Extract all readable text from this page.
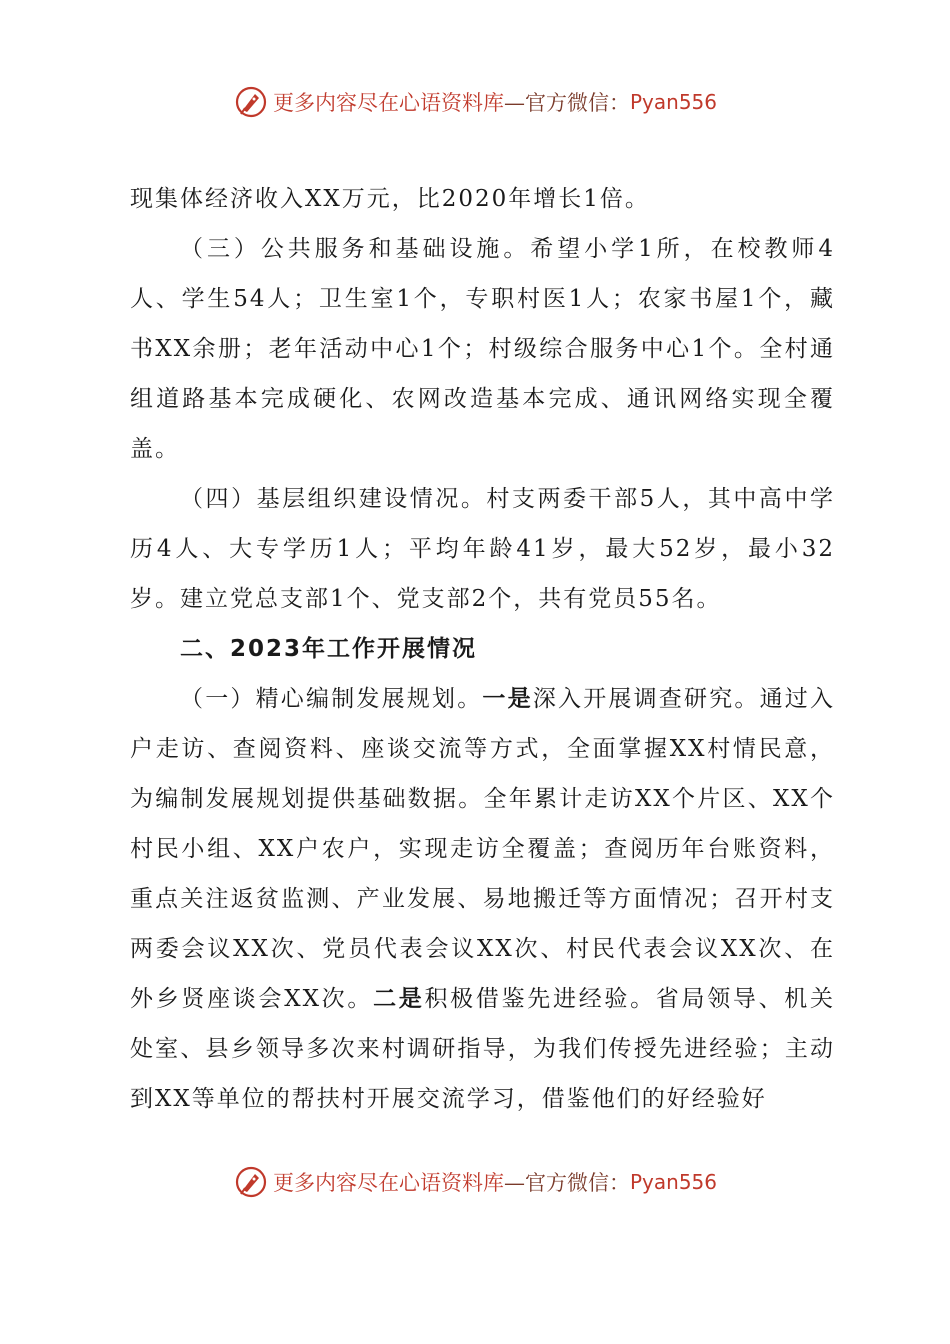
更多内容尽在心语资料库 —官方微信： Pyan556

现集体经济收入XX万元，比2020年增长1倍。

（三）公共服务和基础设施。希望小学1所，在校教师4人、学生54人；卫生室1个，专职村医1人；农家书屋1个，藏书XX余册；老年活动中心1个；村级综合服务中心1个。全村通组道路基本完成硬化、农网改造基本完成、通讯网络实现全覆盖。

（四）基层组织建设情况。村支两委干部5人，其中高中学历4人、大专学历1人；平均年龄41岁，最大52岁，最小32岁。建立党总支部1个、党支部2个，共有党员55名。

二、2023年工作开展情况

（一）精心编制发展规划。一是深入开展调查研究。通过入户走访、查阅资料、座谈交流等方式，全面掌握XX村情民意，为编制发展规划提供基础数据。全年累计走访XX个片区、XX个村民小组、XX户农户，实现走访全覆盖；查阅历年台账资料，重点关注返贫监测、产业发展、易地搬迁等方面情况；召开村支两委会议XX次、党员代表会议XX次、村民代表会议XX次、在外乡贤座谈会XX次。二是积极借鉴先进经验。省局领导、机关处室、县乡领导多次来村调研指导，为我们传授先进经验；主动到XX等单位的帮扶村开展交流学习，借鉴他们的好经验好

更多内容尽在心语资料库 —官方微信： Pyan556
